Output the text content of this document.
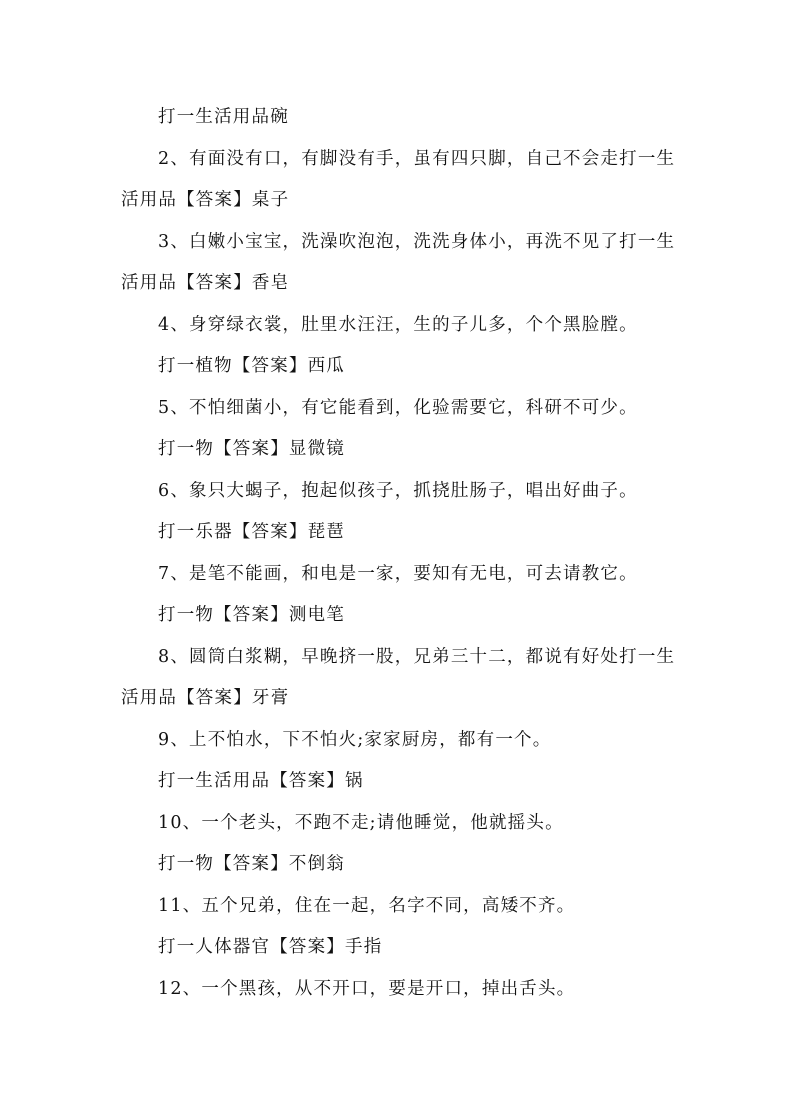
打一生活用品碗
2、有面没有口，有脚没有手，虽有四只脚，自己不会走打一生
活用品【答案】桌子
3、白嫩小宝宝，洗澡吹泡泡，洗洗身体小，再洗不见了打一生
活用品【答案】香皂
4、身穿绿衣裳，肚里水汪汪，生的子儿多，个个黑脸膛。
打一植物【答案】西瓜
5、不怕细菌小，有它能看到，化验需要它，科研不可少。
打一物【答案】显微镜
6、象只大蝎子，抱起似孩子，抓挠肚肠子，唱出好曲子。
打一乐器【答案】琵琶
7、是笔不能画，和电是一家，要知有无电，可去请教它。
打一物【答案】测电笔
8、圆筒白浆糊，早晚挤一股，兄弟三十二，都说有好处打一生
活用品【答案】牙膏
9、上不怕水，下不怕火;家家厨房，都有一个。
打一生活用品【答案】锅
10、一个老头，不跑不走;请他睡觉，他就摇头。
打一物【答案】不倒翁
11、五个兄弟，住在一起，名字不同，高矮不齐。
打一人体器官【答案】手指
12、一个黑孩，从不开口，要是开口，掉出舌头。
